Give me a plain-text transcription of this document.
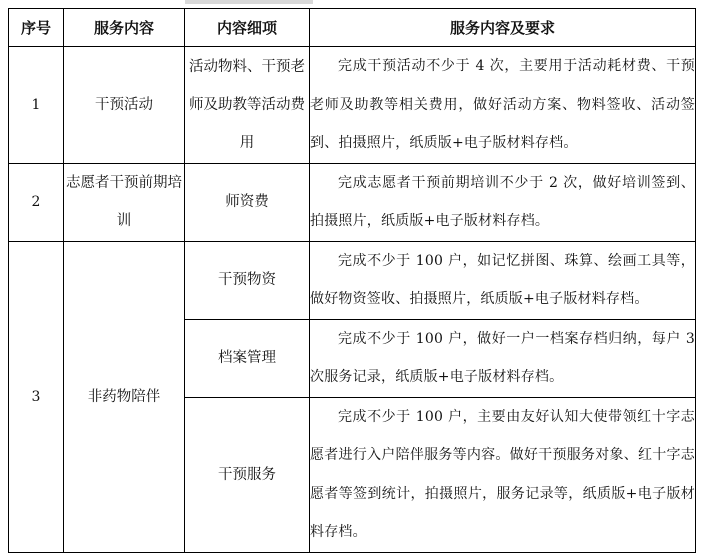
序号	服务内容	内容细项	服务内容及要求
1	干预活动	活动物料、干预老师及助教等活动费用	完成干预活动不少于 4 次，主要用于活动耗材费、干预老师及助教等相关费用，做好活动方案、物料签收、活动签到、拍摄照片，纸质版+电子版材料存档。

2	志愿者干预前期培训	师资费	完成志愿者干预前期培训不少于 2 次，做好培训签到、拍摄照片，纸质版+电子版材料存档。

3	非药物陪伴	干预物资	完成不少于 100 户，如记忆拼图、珠算、绘画工具等，做好物资签收、拍摄照片，纸质版+电子版材料存档。

		档案管理	完成不少于 100 户，做好一户一档案存档归纳，每户 3 次服务记录，纸质版+电子版材料存档。

		干预服务	完成不少于 100 户，主要由友好认知大使带领红十字志愿者进行入户陪伴服务等内容。做好干预服务对象、红十字志愿者等签到统计，拍摄照片，服务记录等，纸质版+电子版材料存档。
